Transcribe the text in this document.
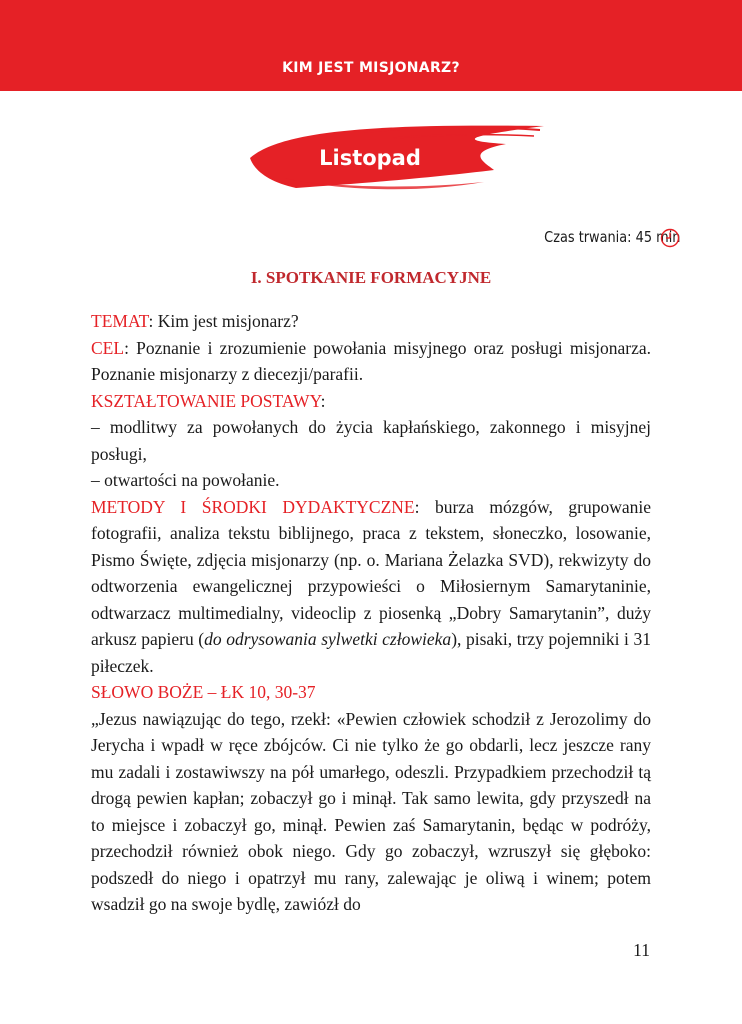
KIM JEST MISJONARZ?
Listopad
Czas trwania: 45 min
I. SPOTKANIE FORMACYJNE

TEMAT: Kim jest misjonarz?

CEL: Poznanie i zrozumienie powołania misyjnego oraz posługi misjonarza. Poznanie misjonarzy z diecezji/parafii.

KSZTAŁTOWANIE POSTAWY:

– modlitwy za powołanych do życia kapłańskiego, zakonnego i misyjnej posługi,

– otwartości na powołanie.

METODY I ŚRODKI DYDAKTYCZNE: burza mózgów, grupowanie fotografii, analiza tekstu biblijnego, praca z tekstem, słoneczko, losowanie, Pismo Święte, zdjęcia misjonarzy (np. o. Mariana Żelazka SVD), rekwizyty do odtworzenia ewangelicznej przypowieści o Miłosiernym Samarytaninie, odtwarzacz multimedialny, videoclip z piosenką „Dobry Samarytanin”, duży arkusz papieru (do odrysowania sylwetki człowieka), pisaki, trzy pojemniki i 31 piłeczek.

SŁOWO BOŻE – ŁK 10, 30-37

„Jezus nawiązując do tego, rzekł: «Pewien człowiek schodził z Jerozolimy do Jerycha i wpadł w ręce zbójców. Ci nie tylko że go obdarli, lecz jeszcze rany mu zadali i zostawiwszy na pół umarłego, odeszli. Przypadkiem przechodził tą drogą pewien kapłan; zobaczył go i minął. Tak samo lewita, gdy przyszedł na to miejsce i zobaczył go, minął. Pewien zaś Samarytanin, będąc w podróży, przechodził również obok niego. Gdy go zobaczył, wzruszył się głęboko: podszedł do niego i opatrzył mu rany, zalewając je oliwą i winem; potem wsadził go na swoje bydlę, zawiózł do

11
